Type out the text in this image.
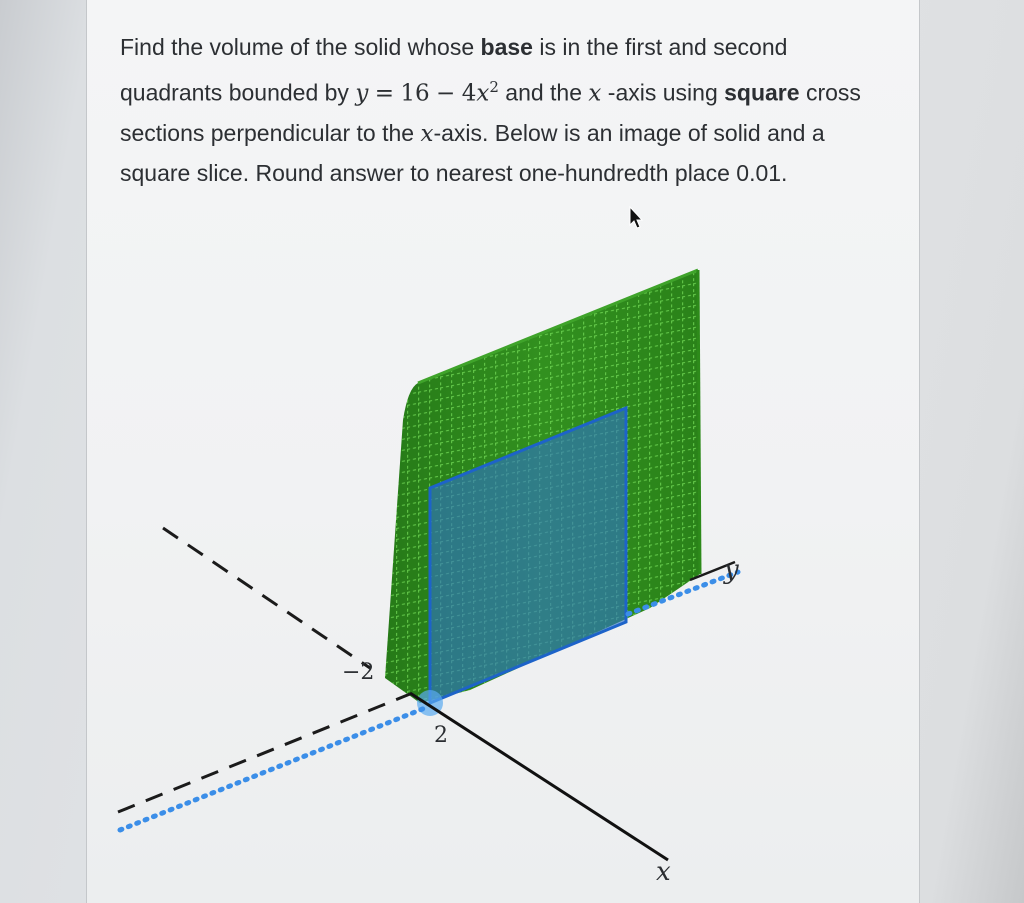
Find the volume of the solid whose base is in the first and second quadrants bounded by $y = 16 - 4x^2$ and the x -axis using square cross sections perpendicular to the x-axis. Below is an image of solid and a square slice. Round answer to nearest one-hundredth place 0.01.
−2
2
y
x
